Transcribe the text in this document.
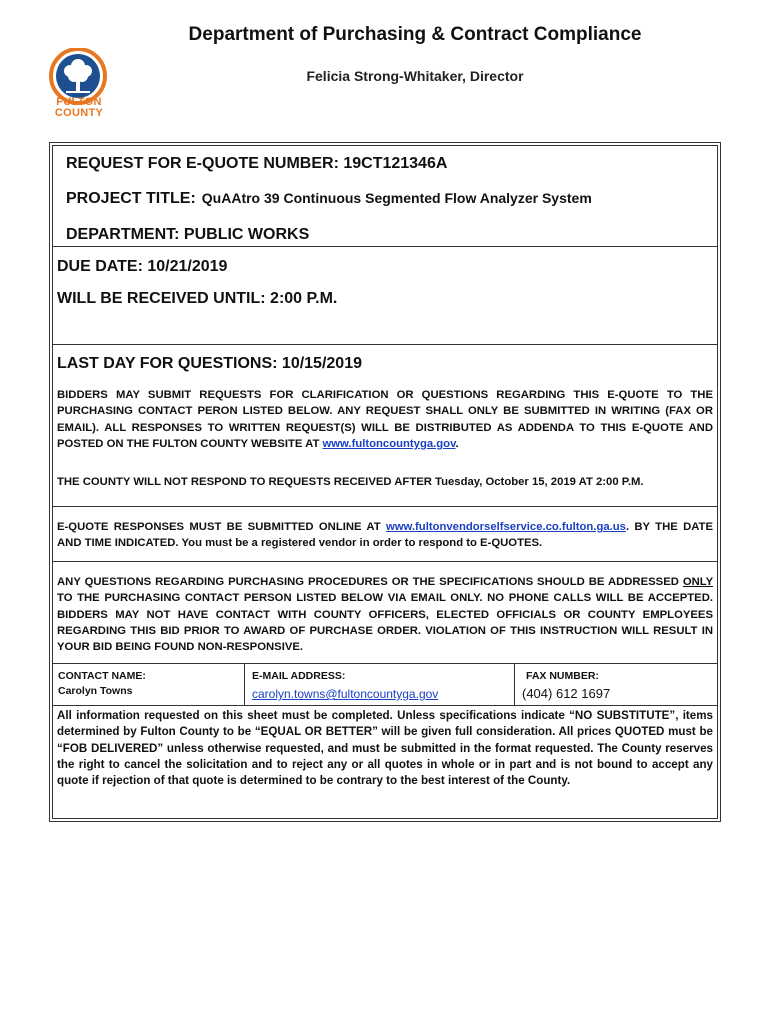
FULTON
COUNTY
Department of Purchasing & Contract Compliance
Felicia Strong-Whitaker, Director
REQUEST FOR E-QUOTE NUMBER: 19CT121346A
PROJECT TITLE: QuAAtro 39 Continuous Segmented Flow Analyzer System
DEPARTMENT: PUBLIC WORKS
DUE DATE: 10/21/2019
WILL BE RECEIVED UNTIL: 2:00 P.M.
LAST DAY FOR QUESTIONS: 10/15/2019
BIDDERS MAY SUBMIT REQUESTS FOR CLARIFICATION OR QUESTIONS REGARDING THIS E-QUOTE TO THE PURCHASING CONTACT PERON LISTED BELOW. ANY REQUEST SHALL ONLY BE SUBMITTED IN WRITING (FAX OR EMAIL). ALL RESPONSES TO WRITTEN REQUEST(S) WILL BE DISTRIBUTED AS ADDENDA TO THIS E-QUOTE AND POSTED ON THE FULTON COUNTY WEBSITE AT www.fultoncountyga.gov.
THE COUNTY WILL NOT RESPOND TO REQUESTS RECEIVED AFTER Tuesday, October 15, 2019 AT 2:00 P.M.
E-QUOTE RESPONSES MUST BE SUBMITTED ONLINE AT www.fultonvendorselfservice.co.fulton.ga.us. BY THE DATE AND TIME INDICATED. You must be a registered vendor in order to respond to E-QUOTES.
ANY QUESTIONS REGARDING PURCHASING PROCEDURES OR THE SPECIFICATIONS SHOULD BE ADDRESSED ONLY TO THE PURCHASING CONTACT PERSON LISTED BELOW VIA EMAIL ONLY. NO PHONE CALLS WILL BE ACCEPTED. BIDDERS MAY NOT HAVE CONTACT WITH COUNTY OFFICERS, ELECTED OFFICIALS OR COUNTY EMPLOYEES REGARDING THIS BID PRIOR TO AWARD OF PURCHASE ORDER. VIOLATION OF THIS INSTRUCTION WILL RESULT IN YOUR BID BEING FOUND NON-RESPONSIVE.
CONTACT NAME:
Carolyn Towns
E-MAIL ADDRESS:
carolyn.towns@fultoncountyga.gov
FAX NUMBER:
(404) 612 1697
All information requested on this sheet must be completed. Unless specifications indicate “NO SUBSTITUTE”, items determined by Fulton County to be “EQUAL OR BETTER” will be given full consideration. All prices QUOTED must be “FOB DELIVERED” unless otherwise requested, and must be submitted in the format requested. The County reserves the right to cancel the solicitation and to reject any or all quotes in whole or in part and is not bound to accept any quote if rejection of that quote is determined to be contrary to the best interest of the County.
